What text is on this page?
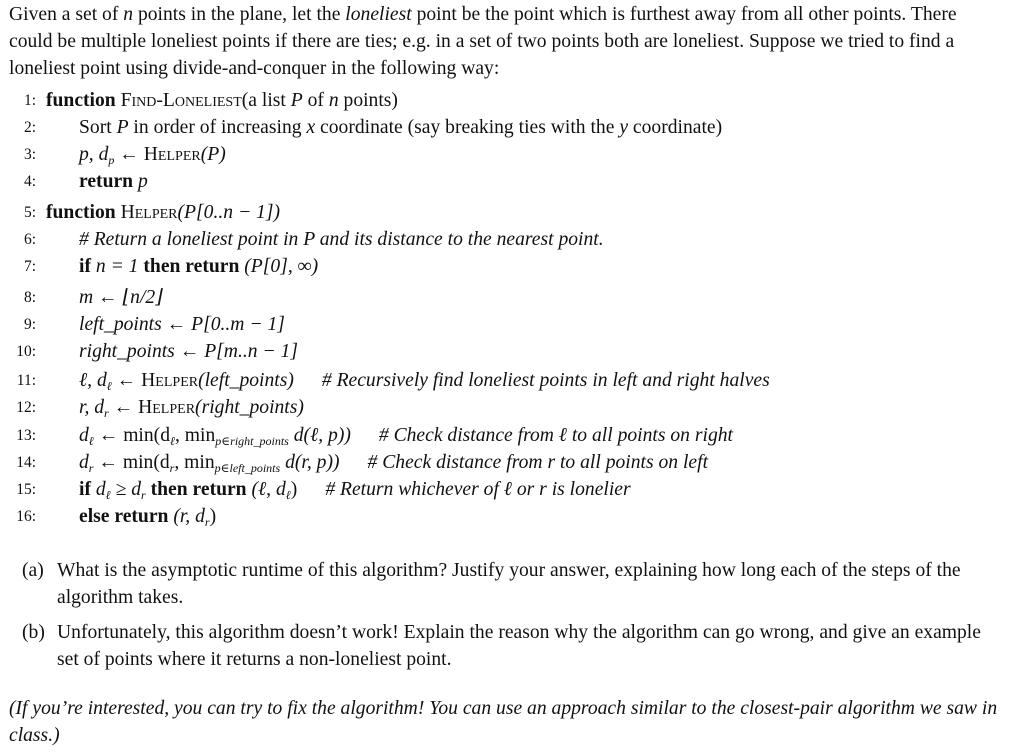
Given a set of n points in the plane, let the loneliest point be the point which is furthest away from all other points. There could be multiple loneliest points if there are ties; e.g. in a set of two points both are loneliest. Suppose we tried to find a loneliest point using divide-and-conquer in the following way:

1: function Find-Loneliest(a list P of n points)
2: Sort P in order of increasing x coordinate (say breaking ties with the y coordinate)
3: p, $d_p$ ← Helper(P)
4: return p
5: function Helper(P[0..n − 1])
6: # Return a loneliest point in P and its distance to the nearest point.
7: if n = 1 then return (P[0], ∞)
8: m ← ⌊n/2⌋
9: left_points ← P[0..m − 1]
10: right_points ← P[m..n − 1]
11: ℓ, $d_\ell$ ← Helper(left_points) # Recursively find loneliest points in left and right halves
12: r, $d_r$ ← Helper(right_points)
13: $d_\ell$ ← $\min(d_\ell$, $\min_{p\in right\_points}$ d(ℓ, p)) # Check distance from ℓ to all points on right
14: $d_r$ ← $\min(d_r$, $\min_{p\in left\_points} d(r$, p)) # Check distance from r to all points on left
15: if $d_\ell \ge d_r$ then return (ℓ, $d_\ell$) # Return whichever of ℓ or r is lonelier
16: else return (r, $d_r$)
(a) What is the asymptotic runtime of this algorithm? Justify your answer, explaining how long each of the steps of the algorithm takes.
(b) Unfortunately, this algorithm doesn’t work! Explain the reason why the algorithm can go wrong, and give an example set of points where it returns a non-loneliest point.
(If you’re interested, you can try to fix the algorithm! You can use an approach similar to the closest-pair algorithm we saw in class.)
